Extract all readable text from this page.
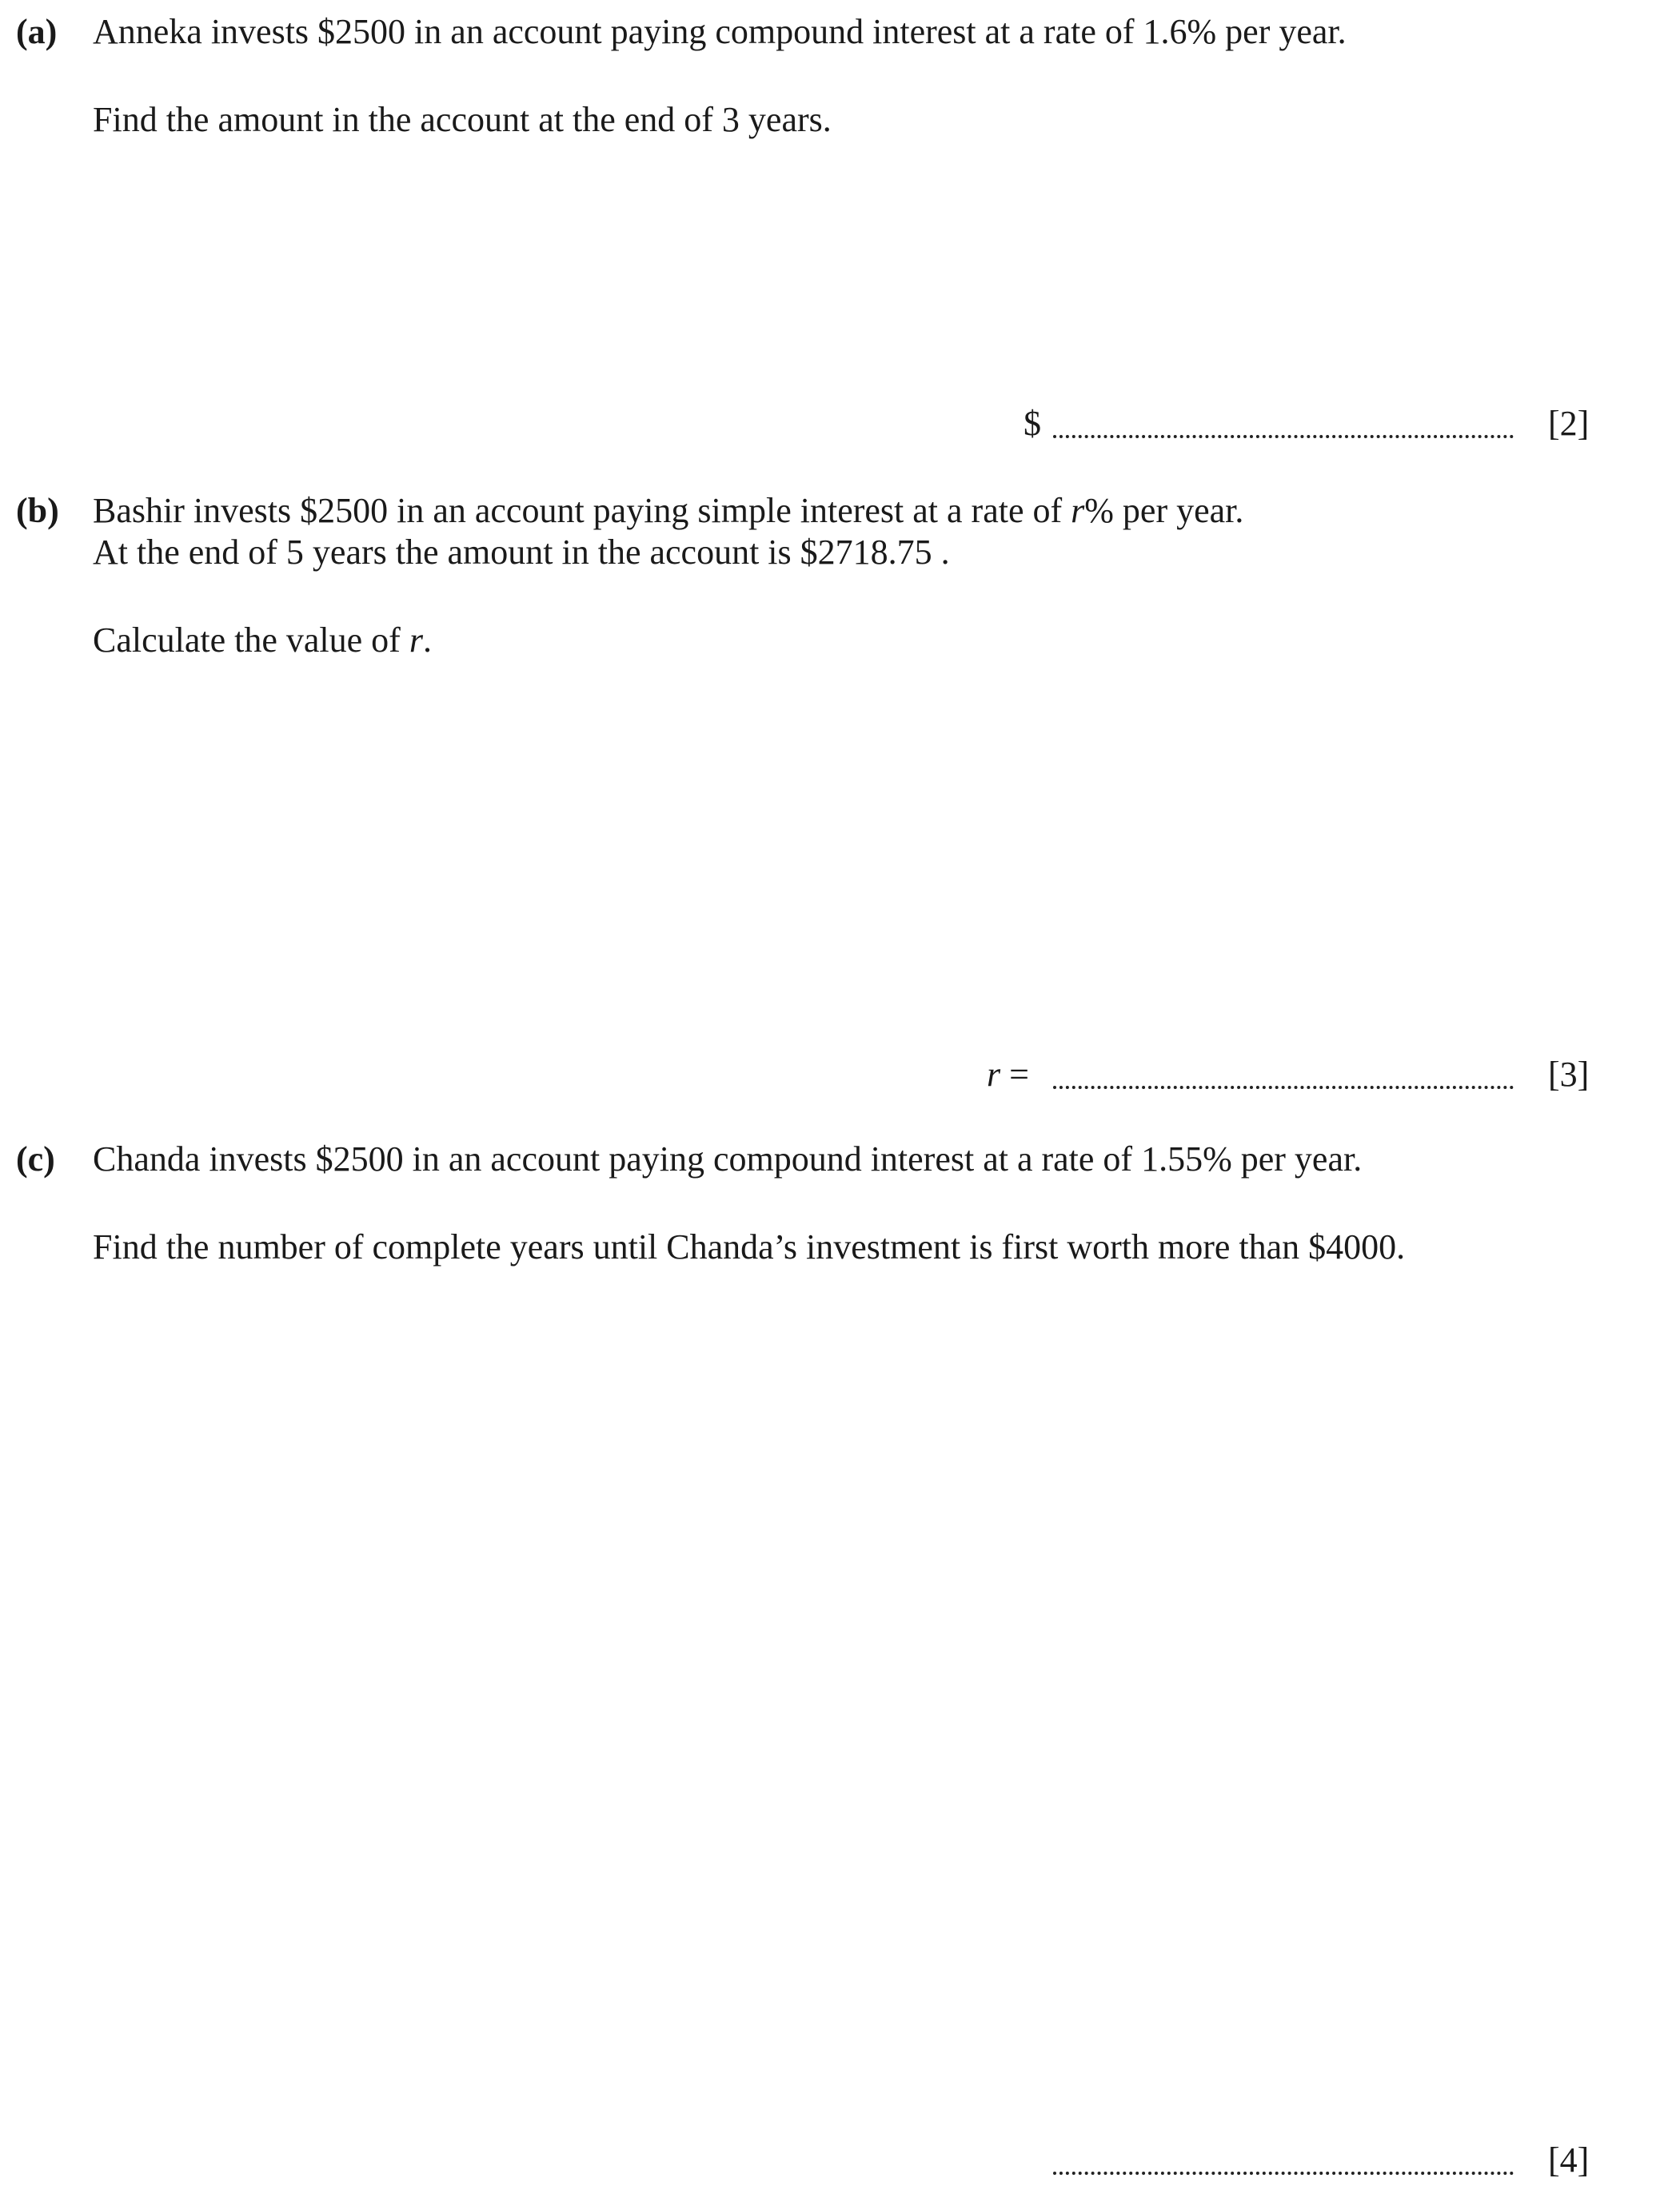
(a) Anneka invests $2500 in an account paying compound interest at a rate of 1.6% per year.
Find the amount in the account at the end of 3 years.
$	[2]
(b) Bashir invests $2500 in an account paying simple interest at a rate of r% per year.
At the end of 5 years the amount in the account is $2718.75 .
Calculate the value of r.
r =	[3]
(c) Chanda invests $2500 in an account paying compound interest at a rate of 1.55% per year.
Find the number of complete years until Chanda’s investment is first worth more than $4000.
[4]
